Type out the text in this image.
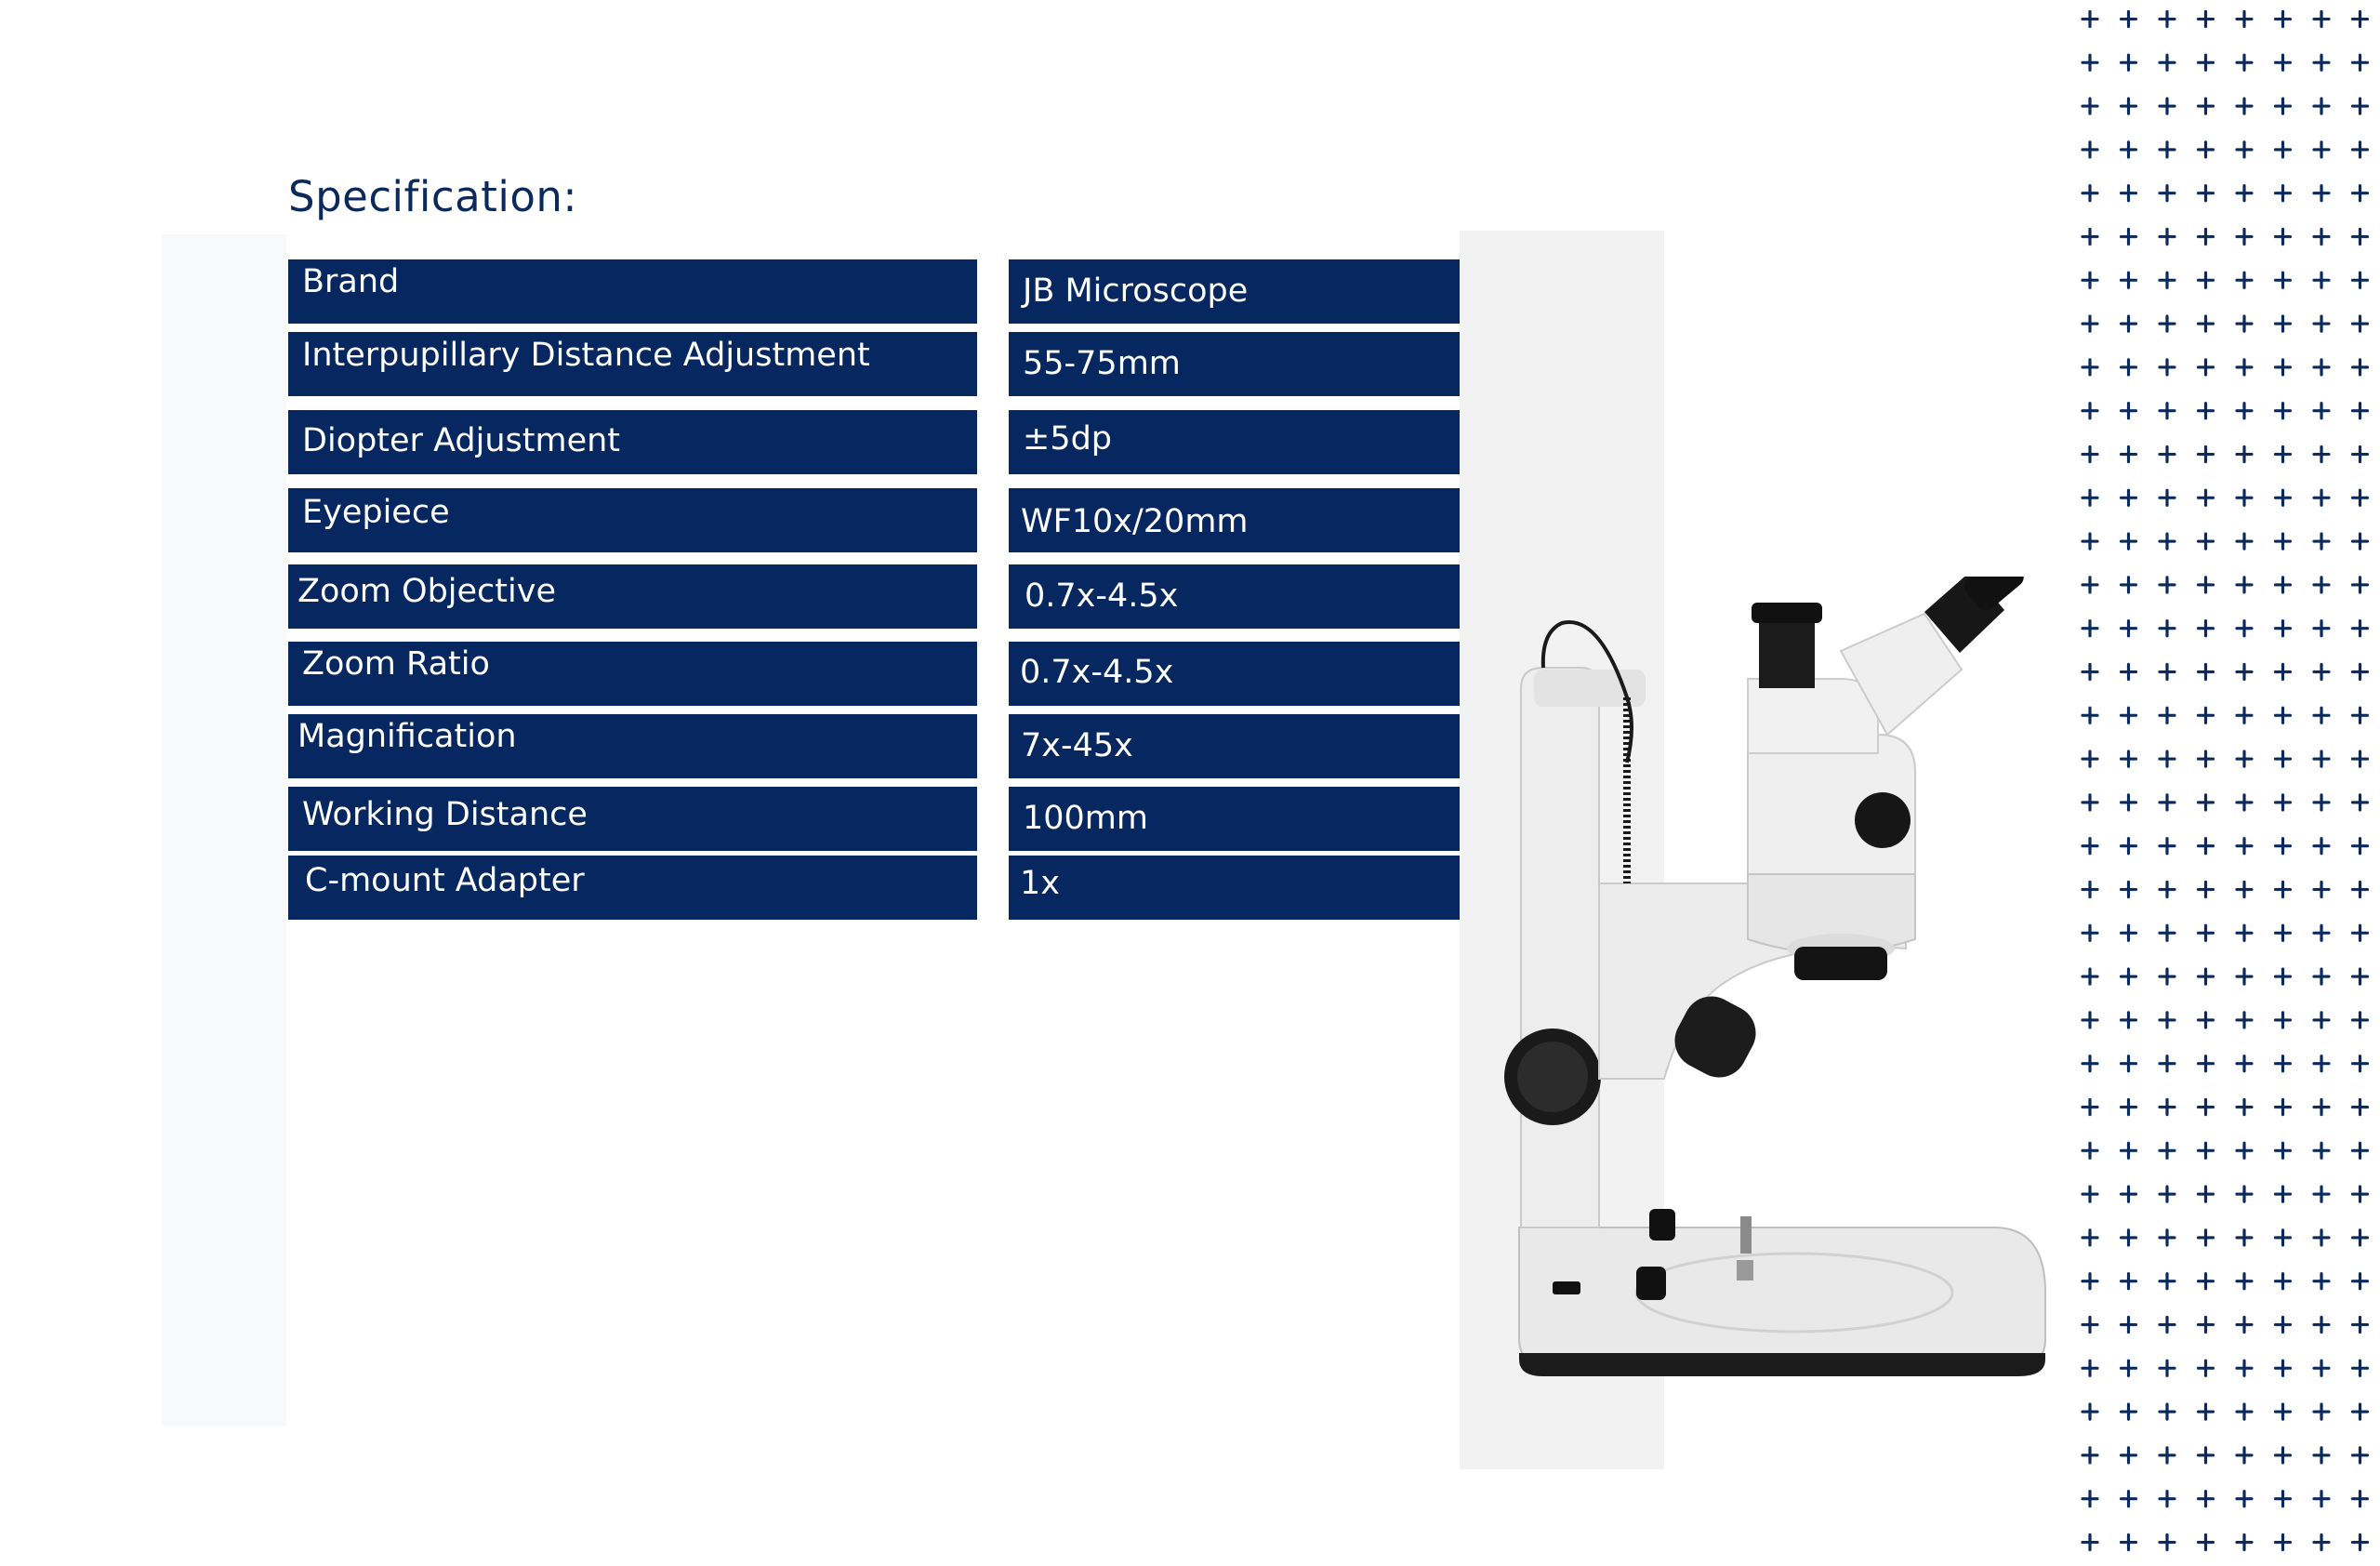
Specification:
Brand	JB Microscope
Interpupillary Distance Adjustment	55-75mm
Diopter Adjustment	±5dp
Eyepiece	WF10x/20mm
Zoom Objective	0.7x-4.5x
Zoom Ratio	0.7x-4.5x
Magnification	7x-45x
Working Distance	100mm
C-mount Adapter	1x
